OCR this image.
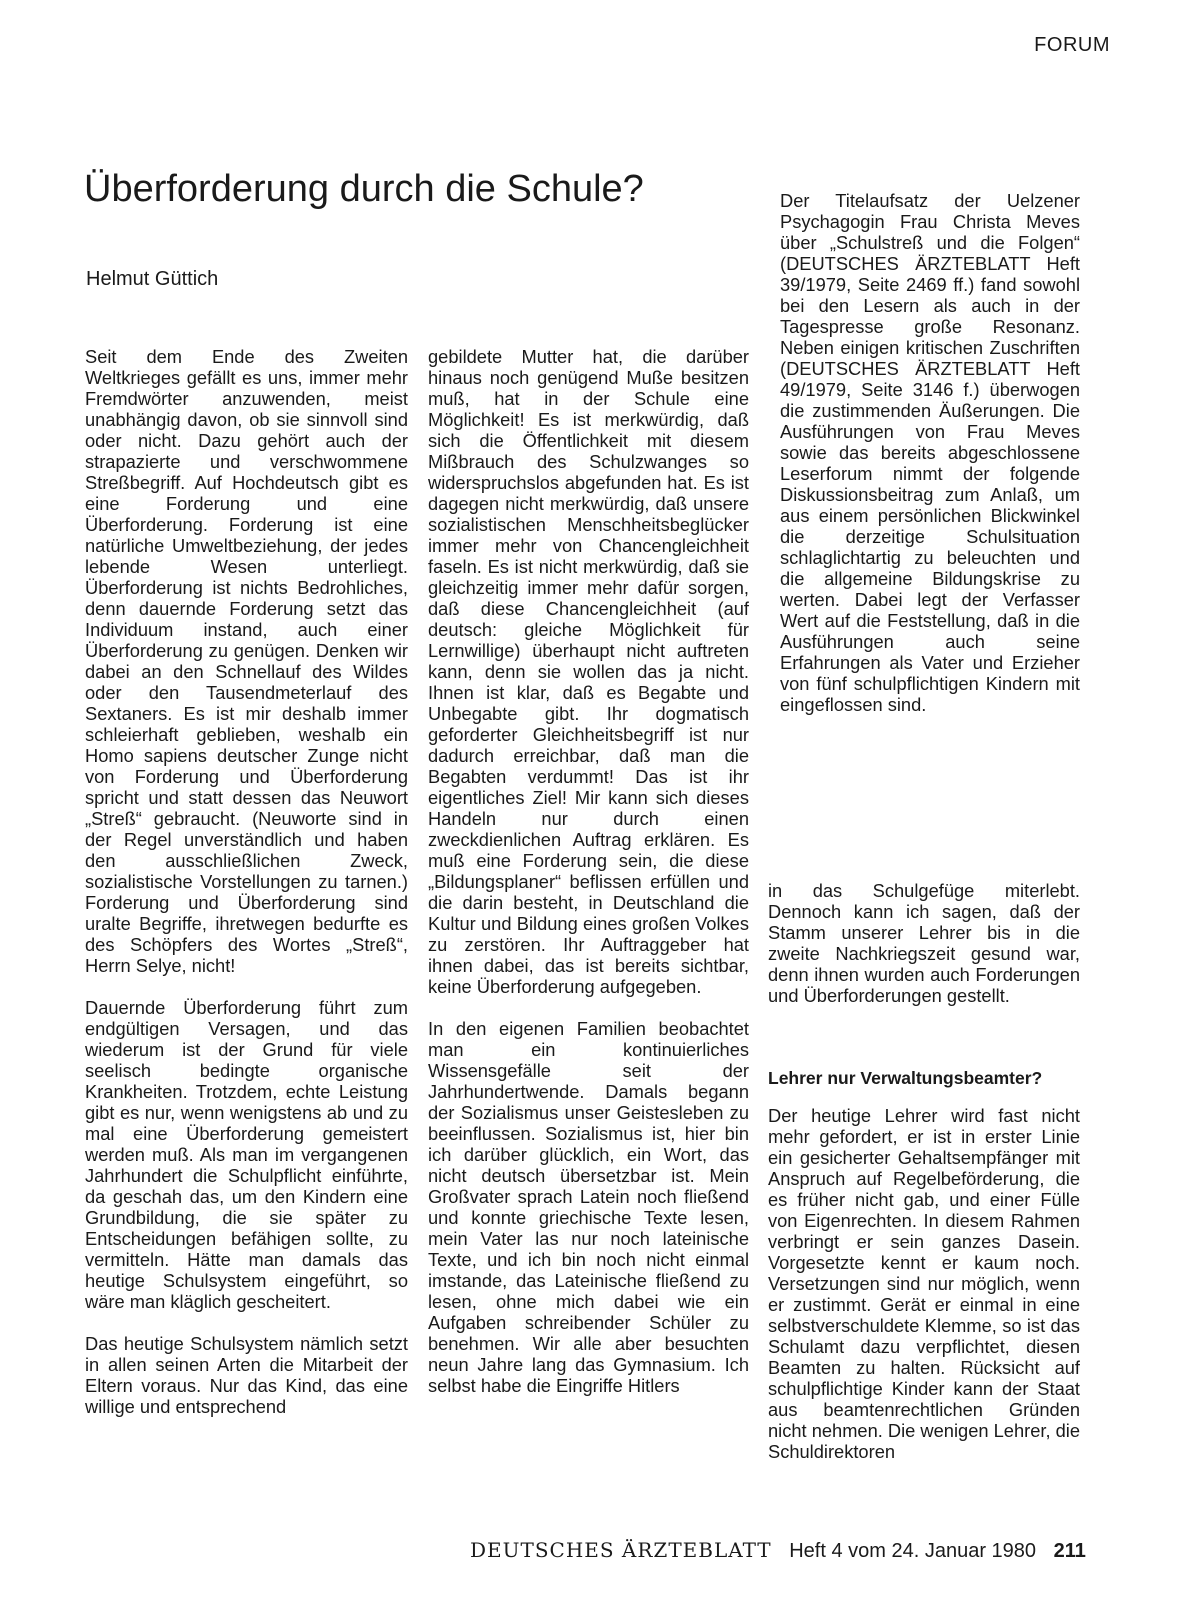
FORUM
Überforderung durch die Schule?
Helmut Güttich

Der Titelaufsatz der Uelzener Psychagogin Frau Christa Meves über „Schulstreß und die Folgen“ (DEUTSCHES ÄRZTEBLATT Heft 39/1979, Seite 2469 ff.) fand sowohl bei den Lesern als auch in der Tagespresse große Resonanz. Neben einigen kritischen Zuschriften (DEUTSCHES ÄRZTEBLATT Heft 49/1979, Seite 3146 f.) überwogen die zustimmenden Äußerungen. Die Ausführungen von Frau Meves sowie das bereits abgeschlossene Leserforum nimmt der folgende Diskussionsbeitrag zum Anlaß, um aus einem persönlichen Blickwinkel die derzeitige Schulsituation schlaglichtartig zu beleuchten und die allgemeine Bildungskrise zu werten. Dabei legt der Verfasser Wert auf die Feststellung, daß in die Ausführungen auch seine Erfahrungen als Vater und Erzieher von fünf schulpflichtigen Kindern mit eingeflossen sind.

Seit dem Ende des Zweiten Weltkrieges gefällt es uns, immer mehr Fremdwörter anzuwenden, meist unabhängig davon, ob sie sinnvoll sind oder nicht. Dazu gehört auch der strapazierte und verschwommene Streßbegriff. Auf Hochdeutsch gibt es eine Forderung und eine Überforderung. Forderung ist eine natürliche Umweltbeziehung, der jedes lebende Wesen unterliegt. Überforderung ist nichts Bedrohliches, denn dauernde Forderung setzt das Individuum instand, auch einer Überforderung zu genügen. Denken wir dabei an den Schnellauf des Wildes oder den Tausendmeterlauf des Sextaners. Es ist mir deshalb immer schleierhaft geblieben, weshalb ein Homo sapiens deutscher Zunge nicht von Forderung und Überforderung spricht und statt dessen das Neuwort „Streß“ gebraucht. (Neuworte sind in der Regel unverständlich und haben den ausschließlichen Zweck, sozialistische Vorstellungen zu tarnen.) Forderung und Überforderung sind uralte Begriffe, ihretwegen bedurfte es des Schöpfers des Wortes „Streß“, Herrn Selye, nicht!

Dauernde Überforderung führt zum endgültigen Versagen, und das wiederum ist der Grund für viele seelisch bedingte organische Krankheiten. Trotzdem, echte Leistung gibt es nur, wenn wenigstens ab und zu mal eine Überforderung gemeistert werden muß. Als man im vergangenen Jahrhundert die Schulpflicht einführte, da geschah das, um den Kindern eine Grundbildung, die sie später zu Entscheidungen befähigen sollte, zu vermitteln. Hätte man damals das heutige Schulsystem eingeführt, so wäre man kläglich gescheitert.

Das heutige Schulsystem nämlich setzt in allen seinen Arten die Mitarbeit der Eltern voraus. Nur das Kind, das eine willige und entsprechend

gebildete Mutter hat, die darüber hinaus noch genügend Muße besitzen muß, hat in der Schule eine Möglichkeit! Es ist merkwürdig, daß sich die Öffentlichkeit mit diesem Mißbrauch des Schulzwanges so widerspruchslos abgefunden hat. Es ist dagegen nicht merkwürdig, daß unsere sozialistischen Menschheitsbeglücker immer mehr von Chancengleichheit faseln. Es ist nicht merkwürdig, daß sie gleichzeitig immer mehr dafür sorgen, daß diese Chancengleichheit (auf deutsch: gleiche Möglichkeit für Lernwillige) überhaupt nicht auftreten kann, denn sie wollen das ja nicht. Ihnen ist klar, daß es Begabte und Unbegabte gibt. Ihr dogmatisch geforderter Gleichheitsbegriff ist nur dadurch erreichbar, daß man die Begabten verdummt! Das ist ihr eigentliches Ziel! Mir kann sich dieses Handeln nur durch einen zweckdienlichen Auftrag erklären. Es muß eine Forderung sein, die diese „Bildungsplaner“ beflissen erfüllen und die darin besteht, in Deutschland die Kultur und Bildung eines großen Volkes zu zerstören. Ihr Auftraggeber hat ihnen dabei, das ist bereits sichtbar, keine Überforderung aufgegeben.

In den eigenen Familien beobachtet man ein kontinuierliches Wissensgefälle seit der Jahrhundertwende. Damals begann der Sozialismus unser Geistesleben zu beeinflussen. Sozialismus ist, hier bin ich darüber glücklich, ein Wort, das nicht deutsch übersetzbar ist. Mein Großvater sprach Latein noch fließend und konnte griechische Texte lesen, mein Vater las nur noch lateinische Texte, und ich bin noch nicht einmal imstande, das Lateinische fließend zu lesen, ohne mich dabei wie ein Aufgaben schreibender Schüler zu benehmen. Wir alle aber besuchten neun Jahre lang das Gymnasium. Ich selbst habe die Eingriffe Hitlers

in das Schulgefüge miterlebt. Dennoch kann ich sagen, daß der Stamm unserer Lehrer bis in die zweite Nachkriegszeit gesund war, denn ihnen wurden auch Forderungen und Überforderungen gestellt.

Lehrer nur Verwaltungsbeamter?

Der heutige Lehrer wird fast nicht mehr gefordert, er ist in erster Linie ein gesicherter Gehaltsempfänger mit Anspruch auf Regelbeförderung, die es früher nicht gab, und einer Fülle von Eigenrechten. In diesem Rahmen verbringt er sein ganzes Dasein. Vorgesetzte kennt er kaum noch. Versetzungen sind nur möglich, wenn er zustimmt. Gerät er einmal in eine selbstverschuldete Klemme, so ist das Schulamt dazu verpflichtet, diesen Beamten zu halten. Rücksicht auf schulpflichtige Kinder kann der Staat aus beamtenrechtlichen Gründen nicht nehmen. Die wenigen Lehrer, die Schuldirektoren

DEUTSCHES ÄRZTEBLATT Heft 4 vom 24. Januar 1980 211
